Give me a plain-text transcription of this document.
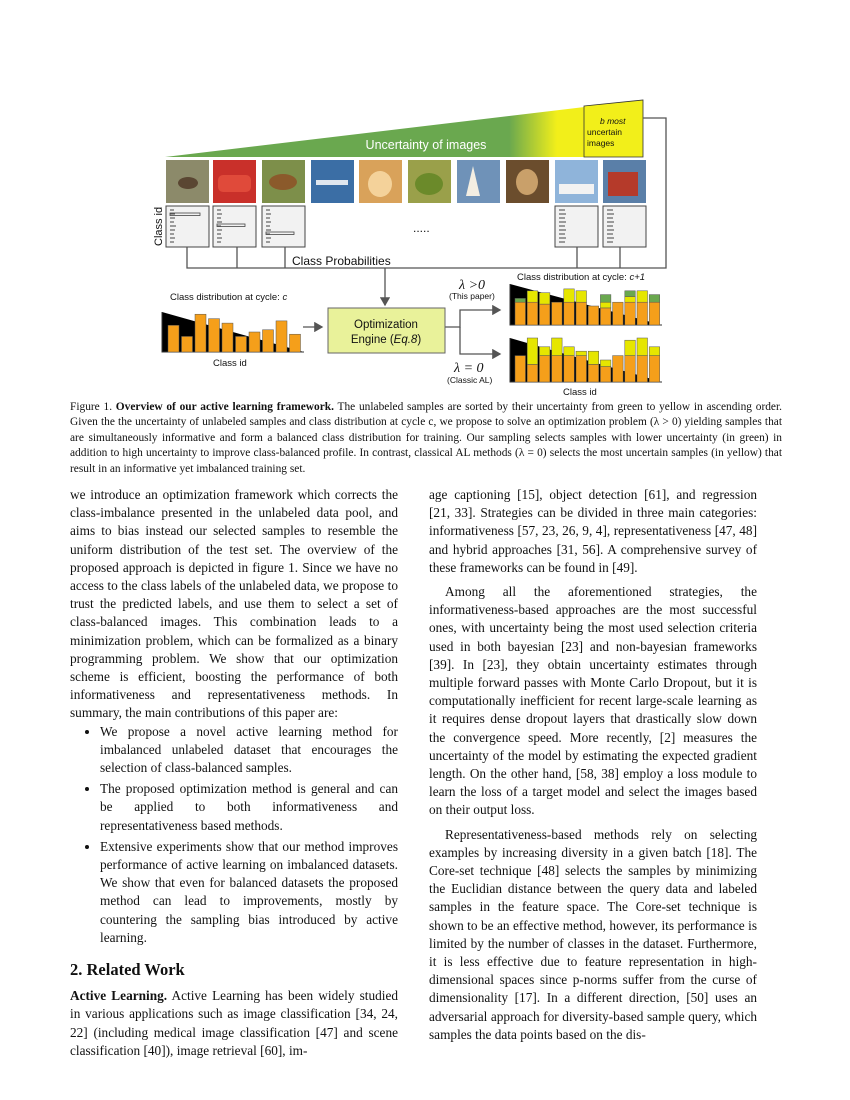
Uncertainty of images
b most
uncertain
images
Class id	.....
Class Probabilities
Optimization
Engine (Eq.8)
Class distribution at cycle: c
Class distribution at cycle: c+1
λ >0
(This paper)
λ = 0
(Classic AL)
Class id
Class id
Figure 1. Overview of our active learning framework. The unlabeled samples are sorted by their uncertainty from green to yellow in ascending order. Given the the uncertainty of unlabeled samples and class distribution at cycle c, we propose to solve an optimization problem (λ > 0) yielding samples that are simultaneously informative and form a balanced class distribution for training. Our sampling selects samples with lower uncertainty (in green) in addition to high uncertainty to improve class-balanced profile. In contrast, classical AL methods (λ = 0) selects the most uncertain samples (in yellow) that result in an informative yet imbalanced training set.

we introduce an optimization framework which corrects the class-imbalance presented in the unlabeled data pool, and aims to bias instead our selected samples to resemble the uniform distribution of the test set. The overview of the proposed approach is depicted in figure 1. Since we have no access to the class labels of the unlabeled data, we propose to trust the predicted labels, and use them to select a set of class-balanced images. This combination leads to a minimization problem, which can be formalized as a binary programming problem. We show that our optimization scheme is efficient, boosting the performance of both informativeness and representativeness methods. In summary, the main contributions of this paper are:

• We propose a novel active learning method for imbalanced unlabeled dataset that encourages the selection of class-balanced samples.
• The proposed optimization method is general and can be applied to both informativeness and representativeness based methods.
• Extensive experiments show that our method improves performance of active learning on imbalanced datasets. We show that even for balanced datasets the proposed method can lead to improvements, mostly by countering the sampling bias introduced by active learning.
2. Related Work

Active Learning. Active Learning has been widely studied in various applications such as image classification [34, 24, 22] (including medical image classification [47] and scene classification [40]), image retrieval [60], im-

age captioning [15], object detection [61], and regression [21, 33]. Strategies can be divided in three main categories: informativeness [57, 23, 26, 9, 4], representativeness [47, 48] and hybrid approaches [31, 56]. A comprehensive survey of these frameworks can be found in [49].

Among all the aforementioned strategies, the informativeness-based approaches are the most successful ones, with uncertainty being the most used selection criteria used in both bayesian [23] and non-bayesian frameworks [39]. In [23], they obtain uncertainty estimates through multiple forward passes with Monte Carlo Dropout, but it is computationally inefficient for recent large-scale learning as it requires dense dropout layers that drastically slow down the convergence speed. More recently, [2] measures the uncertainty of the model by estimating the expected gradient length. On the other hand, [58, 38] employ a loss module to learn the loss of a target model and select the images based on their output loss.

Representativeness-based methods rely on selecting examples by increasing diversity in a given batch [18]. The Core-set technique [48] selects the samples by minimizing the Euclidian distance between the query data and labeled samples in the feature space. The Core-set technique is shown to be an effective method, however, its performance is limited by the number of classes in the dataset. Furthermore, it is less effective due to feature representation in high-dimensional spaces since p-norms suffer from the curse of dimensionality [17]. In a different direction, [50] uses an adversarial approach for diversity-based sample query, which samples the data points based on the dis-
